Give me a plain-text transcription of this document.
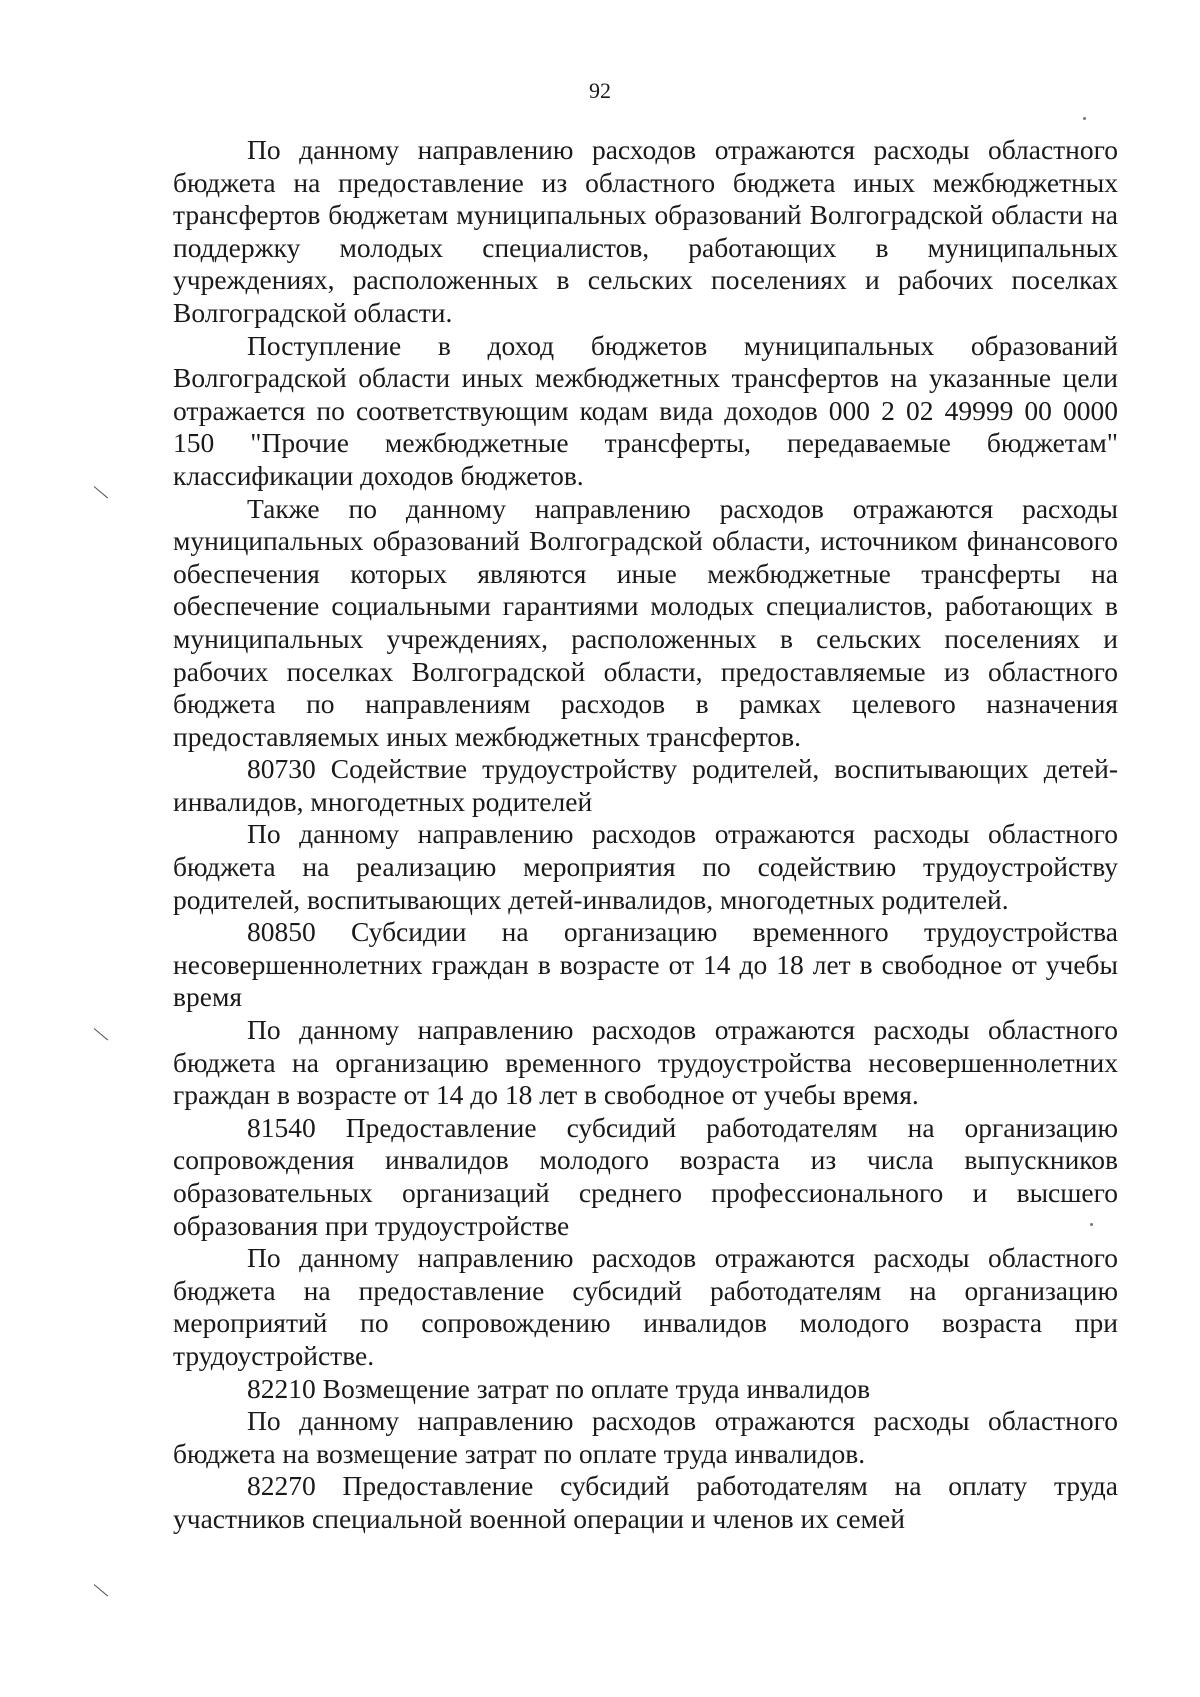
92

По данному направлению расходов отражаются расходы областного бюджета на предоставление из областного бюджета иных межбюджетных трансфертов бюджетам муниципальных образований Волгоградской области на поддержку молодых специалистов, работающих в муниципальных учреждениях, расположенных в сельских поселениях и рабочих поселках Волгоградской области.

Поступление в доход бюджетов муниципальных образований Волгоградской области иных межбюджетных трансфертов на указанные цели отражается по соответствующим кодам вида доходов 000 2 02 49999 00 0000 150 "Прочие межбюджетные трансферты, передаваемые бюджетам" классификации доходов бюджетов.

Также по данному направлению расходов отражаются расходы муниципальных образований Волгоградской области, источником финансового обеспечения которых являются иные межбюджетные трансферты на обеспечение социальными гарантиями молодых специалистов, работающих в муниципальных учреждениях, расположенных в сельских поселениях и рабочих поселках Волгоградской области, предоставляемые из областного бюджета по направлениям расходов в рамках целевого назначения предоставляемых иных межбюджетных трансфертов.

80730 Содействие трудоустройству родителей, воспитывающих детей-инвалидов, многодетных родителей

По данному направлению расходов отражаются расходы областного бюджета на реализацию мероприятия по содействию трудоустройству родителей, воспитывающих детей-инвалидов, многодетных родителей.

80850 Субсидии на организацию временного трудоустройства несовершеннолетних граждан в возрасте от 14 до 18 лет в свободное от учебы время

По данному направлению расходов отражаются расходы областного бюджета на организацию временного трудоустройства несовершеннолетних граждан в возрасте от 14 до 18 лет в свободное от учебы время.

81540 Предоставление субсидий работодателям на организацию сопровождения инвалидов молодого возраста из числа выпускников образовательных организаций среднего профессионального и высшего образования при трудоустройстве

По данному направлению расходов отражаются расходы областного бюджета на предоставление субсидий работодателям на организацию мероприятий по сопровождению инвалидов молодого возраста при трудоустройстве.

82210 Возмещение затрат по оплате труда инвалидов

По данному направлению расходов отражаются расходы областного бюджета на возмещение затрат по оплате труда инвалидов.

82270 Предоставление субсидий работодателям на оплату труда участников специальной военной операции и членов их семей
